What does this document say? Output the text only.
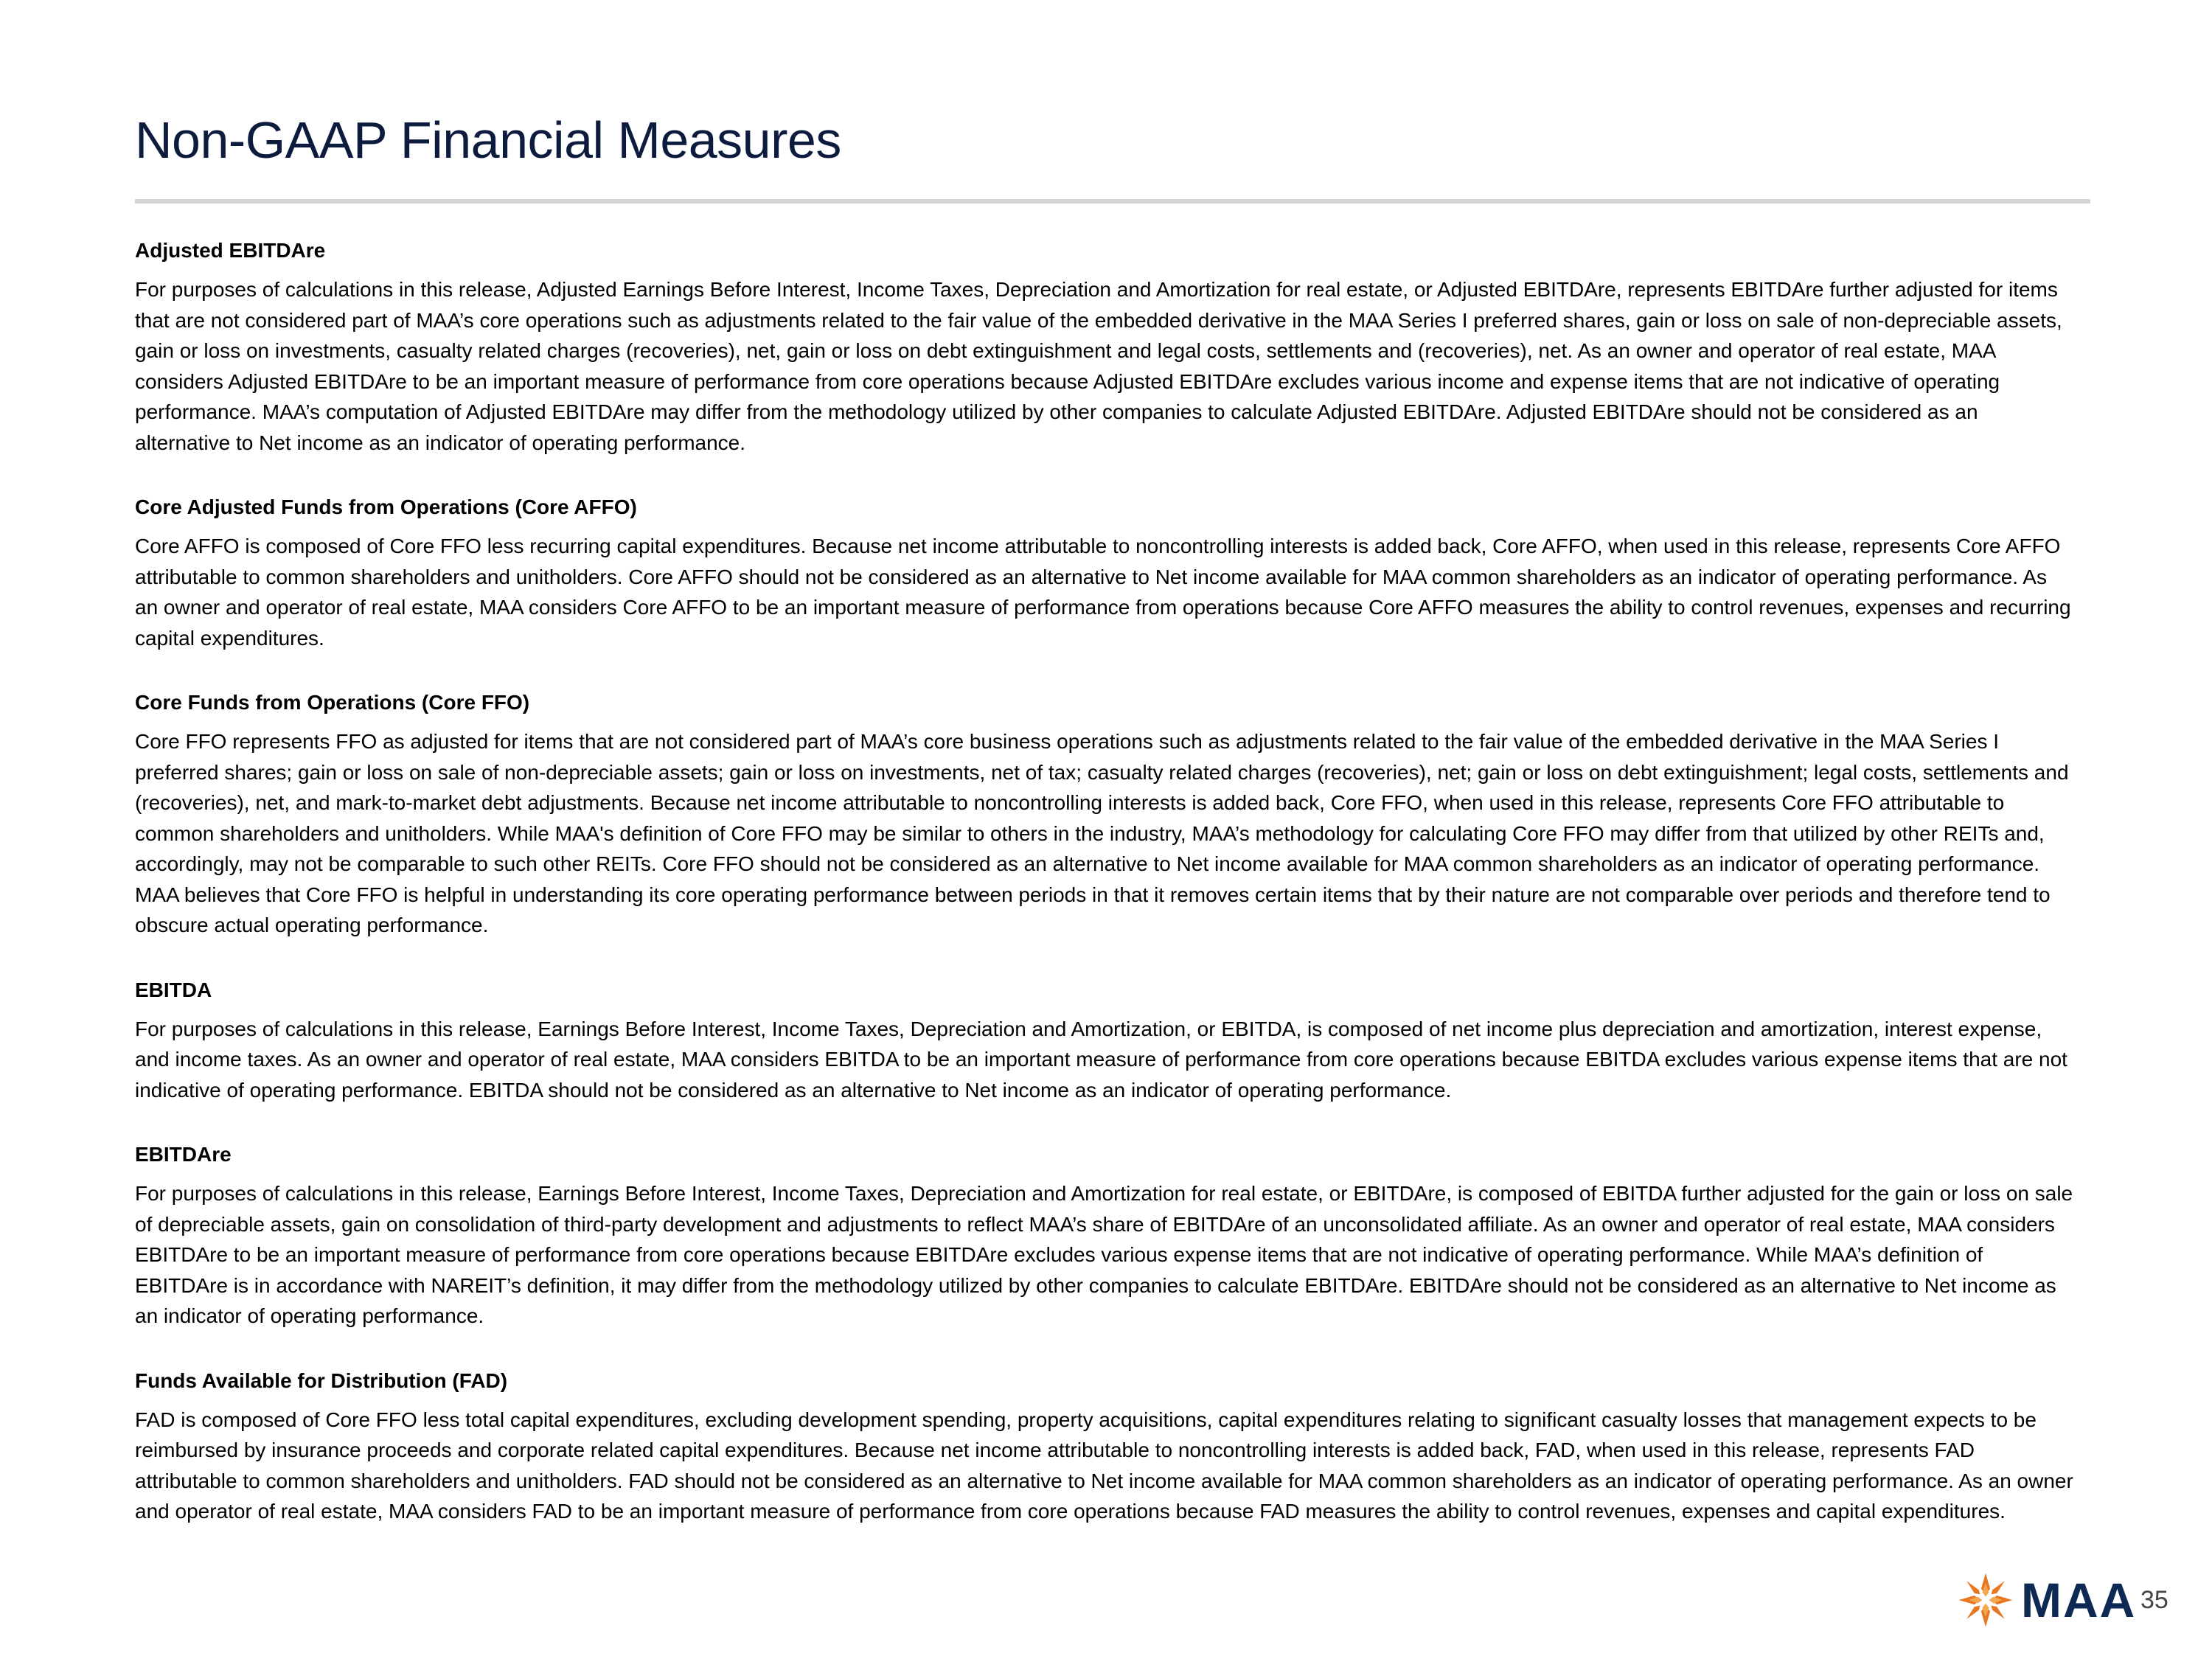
Non-GAAP Financial Measures
Adjusted EBITDAre

For purposes of calculations in this release, Adjusted Earnings Before Interest, Income Taxes, Depreciation and Amortization for real estate, or Adjusted EBITDAre, represents EBITDAre further adjusted for items that are not considered part of MAA’s core operations such as adjustments related to the fair value of the embedded derivative in the MAA Series I preferred shares, gain or loss on sale of non-depreciable assets, gain or loss on investments, casualty related charges (recoveries), net, gain or loss on debt extinguishment and legal costs, settlements and (recoveries), net. As an owner and operator of real estate, MAA considers Adjusted EBITDAre to be an important measure of performance from core operations because Adjusted EBITDAre excludes various income and expense items that are not indicative of operating performance. MAA’s computation of Adjusted EBITDAre may differ from the methodology utilized by other companies to calculate Adjusted EBITDAre. Adjusted EBITDAre should not be considered as an alternative to Net income as an indicator of operating performance.

Core Adjusted Funds from Operations (Core AFFO)

Core AFFO is composed of Core FFO less recurring capital expenditures. Because net income attributable to noncontrolling interests is added back, Core AFFO, when used in this release, represents Core AFFO attributable to common shareholders and unitholders. Core AFFO should not be considered as an alternative to Net income available for MAA common shareholders as an indicator of operating performance. As an owner and operator of real estate, MAA considers Core AFFO to be an important measure of performance from operations because Core AFFO measures the ability to control revenues, expenses and recurring capital expenditures.

Core Funds from Operations (Core FFO)

Core FFO represents FFO as adjusted for items that are not considered part of MAA’s core business operations such as adjustments related to the fair value of the embedded derivative in the MAA Series I preferred shares; gain or loss on sale of non-depreciable assets; gain or loss on investments, net of tax; casualty related charges (recoveries), net; gain or loss on debt extinguishment; legal costs, settlements and (recoveries), net, and mark-to-market debt adjustments. Because net income attributable to noncontrolling interests is added back, Core FFO, when used in this release, represents Core FFO attributable to common shareholders and unitholders. While MAA's definition of Core FFO may be similar to others in the industry, MAA’s methodology for calculating Core FFO may differ from that utilized by other REITs and, accordingly, may not be comparable to such other REITs. Core FFO should not be considered as an alternative to Net income available for MAA common shareholders as an indicator of operating performance. MAA believes that Core FFO is helpful in understanding its core operating performance between periods in that it removes certain items that by their nature are not comparable over periods and therefore tend to obscure actual operating performance.

EBITDA

For purposes of calculations in this release, Earnings Before Interest, Income Taxes, Depreciation and Amortization, or EBITDA, is composed of net income plus depreciation and amortization, interest expense, and income taxes. As an owner and operator of real estate, MAA considers EBITDA to be an important measure of performance from core operations because EBITDA excludes various expense items that are not indicative of operating performance. EBITDA should not be considered as an alternative to Net income as an indicator of operating performance.

EBITDAre

For purposes of calculations in this release, Earnings Before Interest, Income Taxes, Depreciation and Amortization for real estate, or EBITDAre, is composed of EBITDA further adjusted for the gain or loss on sale of depreciable assets, gain on consolidation of third-party development and adjustments to reflect MAA’s share of EBITDAre of an unconsolidated affiliate. As an owner and operator of real estate, MAA considers EBITDAre to be an important measure of performance from core operations because EBITDAre excludes various expense items that are not indicative of operating performance. While MAA’s definition of EBITDAre is in accordance with NAREIT’s definition, it may differ from the methodology utilized by other companies to calculate EBITDAre. EBITDAre should not be considered as an alternative to Net income as an indicator of operating performance.

Funds Available for Distribution (FAD)

FAD is composed of Core FFO less total capital expenditures, excluding development spending, property acquisitions, capital expenditures relating to significant casualty losses that management expects to be reimbursed by insurance proceeds and corporate related capital expenditures. Because net income attributable to noncontrolling interests is added back, FAD, when used in this release, represents FAD attributable to common shareholders and unitholders. FAD should not be considered as an alternative to Net income available for MAA common shareholders as an indicator of operating performance. As an owner and operator of real estate, MAA considers FAD to be an important measure of performance from core operations because FAD measures the ability to control revenues, expenses and capital expenditures.

MAA 35
